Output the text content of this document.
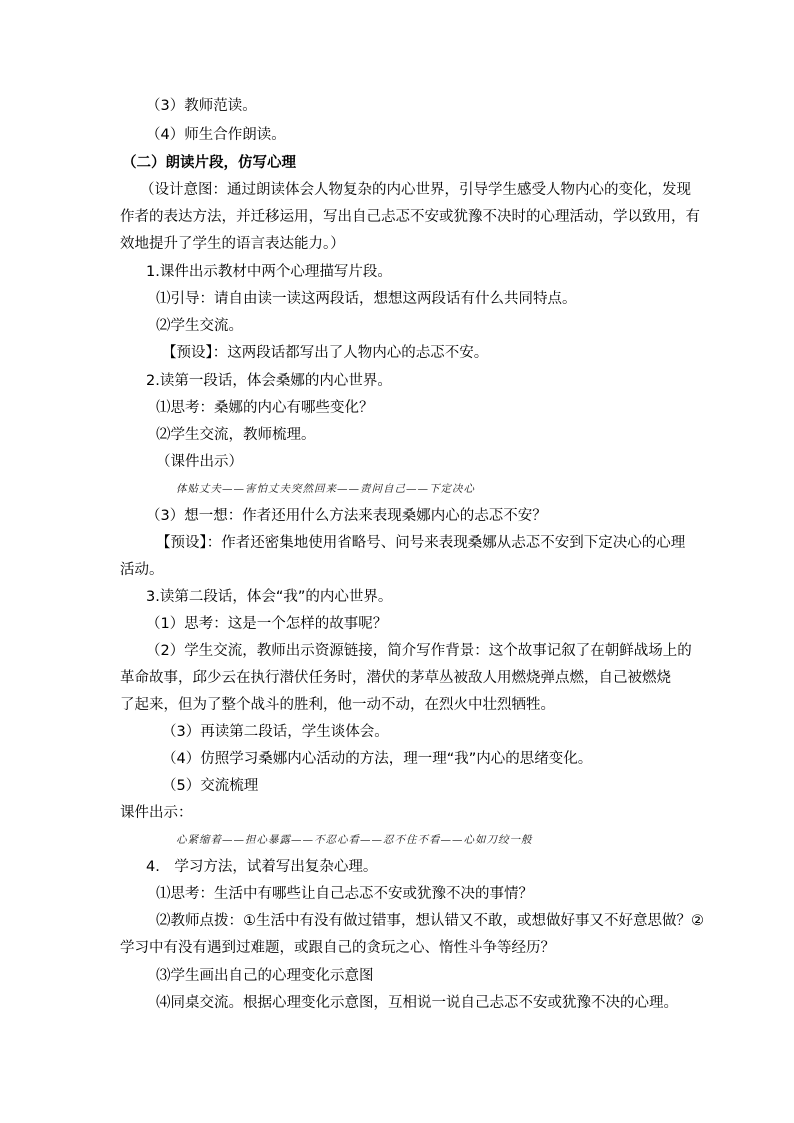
（3）教师范读。
（4）师生合作朗读。
（二）朗读片段，仿写心理
（设计意图：通过朗读体会人物复杂的内心世界，引导学生感受人物内心的变化，发现
作者的表达方法，并迁移运用，写出自己忐忑不安或犹豫不决时的心理活动，学以致用，有
效地提升了学生的语言表达能力。）
1.课件出示教材中两个心理描写片段。
⑴引导：请自由读一读这两段话，想想这两段话有什么共同特点。
⑵学生交流。
【预设】：这两段话都写出了人物内心的忐忑不安。
2.读第一段话，体会桑娜的内心世界。
⑴思考：桑娜的内心有哪些变化？
⑵学生交流，教师梳理。
（课件出示）
体贴丈夫——害怕丈夫突然回来——责问自己——下定决心
（3）想一想：作者还用什么方法来表现桑娜内心的忐忑不安？
【预设】：作者还密集地使用省略号、问号来表现桑娜从忐忑不安到下定决心的心理
活动。
3.读第二段话，体会“我”的内心世界。
（1）思考：这是一个怎样的故事呢？
（2）学生交流，教师出示资源链接，简介写作背景：这个故事记叙了在朝鲜战场上的
革命故事，邱少云在执行潜伏任务时，潜伏的茅草丛被敌人用燃烧弹点燃，自己被燃烧
了起来，但为了整个战斗的胜利，他一动不动，在烈火中壮烈牺牲。
（3）再读第二段话，学生谈体会。
（4）仿照学习桑娜内心活动的方法，理一理“我”内心的思绪变化。
（5）交流梳理
课件出示：
心紧缩着——担心暴露——不忍心看——忍不住不看——心如刀绞一般
4.　学习方法，试着写出复杂心理。
⑴思考：生活中有哪些让自己忐忑不安或犹豫不决的事情？
⑵教师点拨：①生活中有没有做过错事，想认错又不敢，或想做好事又不好意思做？②
学习中有没有遇到过难题，或跟自己的贪玩之心、惰性斗争等经历？
⑶学生画出自己的心理变化示意图
⑷同桌交流。根据心理变化示意图，互相说一说自己忐忑不安或犹豫不决的心理。
